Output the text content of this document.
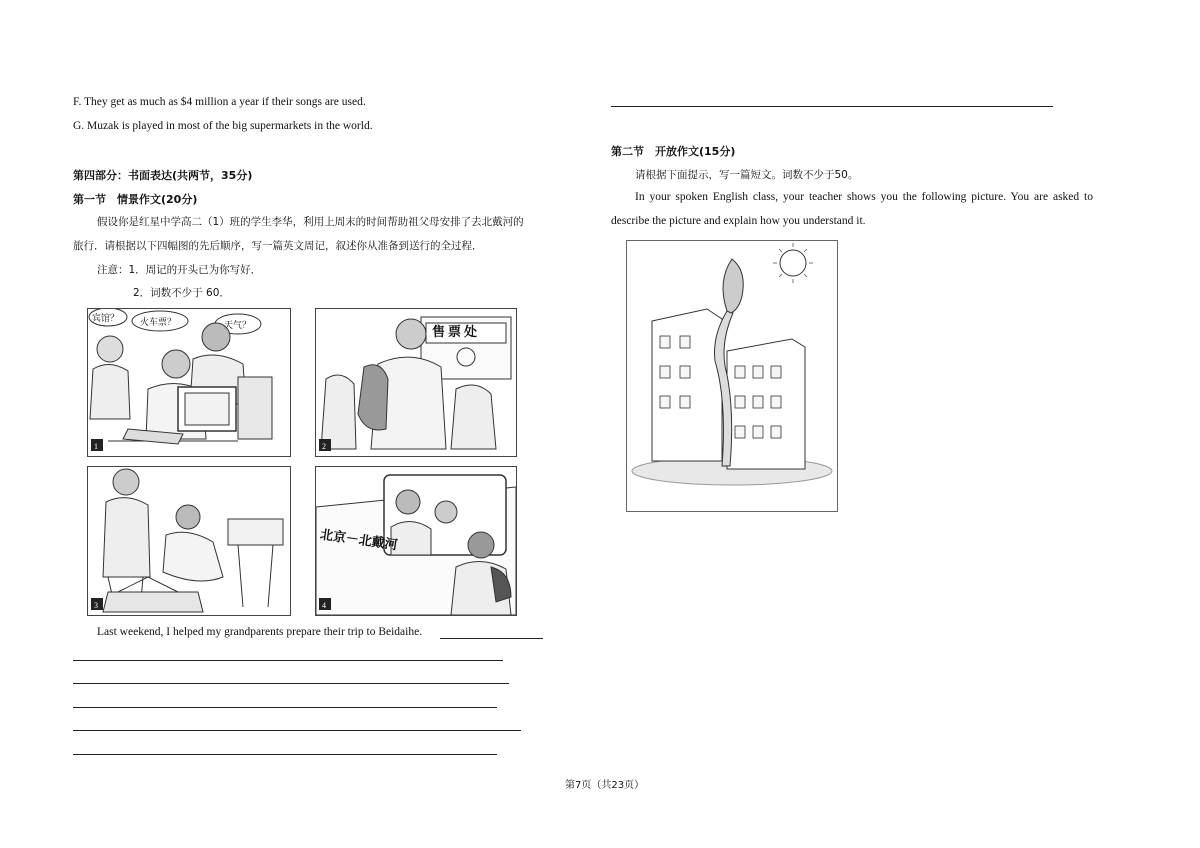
F. They get as much as $4 million a year if their songs are used.
G. Muzak is played in most of the big supermarkets in the world.
第四部分：书面表达(共两节，35分)
第一节　情景作文(20分)
假设你是红星中学高二（1）班的学生李华，利用上周末的时间帮助祖父母安排了去北戴河的
旅行．请根据以下四幅图的先后顺序，写一篇英文周记，叙述你从准备到送行的全过程．
注意：1．周记的开头已为你写好．
2．词数不少于 60．
1
宾馆？ 火车票？	天气？
2
售票处
3	4
北京－北戴河
Last weekend, I helped my grandparents prepare their trip to Beidaihe.
第二节　开放作文(15分)
请根据下面提示，写一篇短文。词数不少于50。
In your spoken English class, your teacher shows you the following picture. You are asked to
describe the picture and explain how you understand it.
第7页（共23页）
